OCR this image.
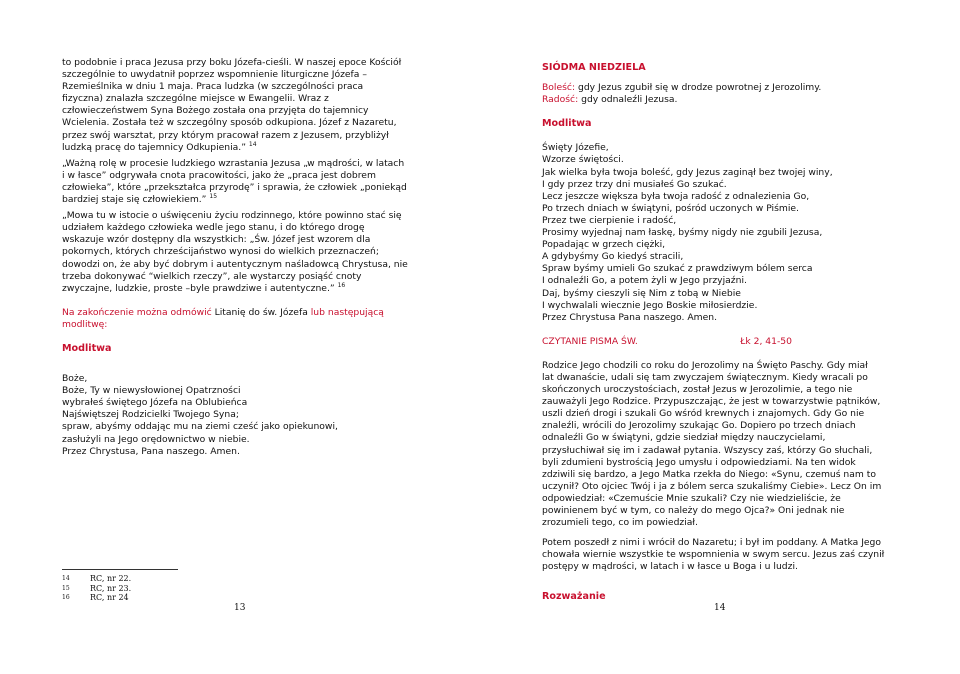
to podobnie i praca Jezusa przy boku Józefa-cieśli. W naszej epoce Kościół

szczególnie to uwydatnił poprzez wspomnienie liturgiczne Józefa –

Rzemieślnika w dniu 1 maja. Praca ludzka (w szczególności praca

fizyczna) znalazła szczególne miejsce w Ewangelii. Wraz z

człowieczeństwem Syna Bożego została ona przyjęta do tajemnicy

Wcielenia. Została też w szczególny sposób odkupiona. Józef z Nazaretu,

przez swój warsztat, przy którym pracował razem z Jezusem, przybliżył

ludzką pracę do tajemnicy Odkupienia.” $^{14}$

„Ważną rolę w procesie ludzkiego wzrastania Jezusa „w mądrości, w latach

i w łasce” odgrywała cnota pracowitości, jako że „praca jest dobrem

człowieka”, które „przekształca przyrodę” i sprawia, że człowiek „poniekąd

bardziej staje się człowiekiem.” $^{15}$

„Mowa tu w istocie o uświęceniu życiu rodzinnego, które powinno stać się

udziałem każdego człowieka wedle jego stanu, i do którego drogę

wskazuje wzór dostępny dla wszystkich: „Św. Józef jest wzorem dla

pokornych, których chrześcijaństwo wynosi do wielkich przeznaczeń;

dowodzi on, że aby być dobrym i autentycznym naśladowcą Chrystusa, nie

trzeba dokonywać “wielkich rzeczy”, ale wystarczy posiąść cnoty

zwyczajne, ludzkie, proste –byle prawdziwe i autentyczne.” $^{16}$

Na zakończenie można odmówić Litanię do św. Józefa lub następującą

modlitwę:

Modlitwa

Boże,

Boże, Ty w niewysłowionej Opatrzności

wybrałeś świętego Józefa na Oblubieńca

Najświętszej Rodzicielki Twojego Syna;

spraw, abyśmy oddając mu na ziemi cześć jako opiekunowi,

zasłużyli na Jego orędownictwo w niebie.

Przez Chrystusa, Pana naszego. Amen.

14	RC, nr 22.
15	RC, nr 23.
16	RC, nr 24
13

SIÓDMA NIEDZIELA

Boleść: gdy Jezus zgubił się w drodze powrotnej z Jerozolimy.

Radość: gdy odnaleźli Jezusa.

Modlitwa

Święty Józefie,

Wzorze świętości.

Jak wielka była twoja boleść, gdy Jezus zaginął bez twojej winy,

I gdy przez trzy dni musiałeś Go szukać.

Lecz jeszcze większa była twoja radość z odnalezienia Go,

Po trzech dniach w świątyni, pośród uczonych w Piśmie.

Przez twe cierpienie i radość,

Prosimy wyjednaj nam łaskę, byśmy nigdy nie zgubili Jezusa,

Popadając w grzech ciężki,

A gdybyśmy Go kiedyś stracili,

Spraw byśmy umieli Go szukać z prawdziwym bólem serca

I odnaleźli Go, a potem żyli w Jego przyjaźni.

Daj, byśmy cieszyli się Nim z tobą w Niebie

I wychwalali wiecznie Jego Boskie miłosierdzie.

Przez Chrystusa Pana naszego. Amen.

CZYTANIE PISMA ŚW.	Łk 2, 41-50

Rodzice Jego chodzili co roku do Jerozolimy na Święto Paschy. Gdy miał

lat dwanaście, udali się tam zwyczajem świątecznym. Kiedy wracali po

skończonych uroczystościach, został Jezus w Jerozolimie, a tego nie

zauważyli Jego Rodzice. Przypuszczając, że jest w towarzystwie pątników,

uszli dzień drogi i szukali Go wśród krewnych i znajomych. Gdy Go nie

znaleźli, wrócili do Jerozolimy szukając Go. Dopiero po trzech dniach

odnaleźli Go w świątyni, gdzie siedział między nauczycielami,

przysłuchiwał się im i zadawał pytania. Wszyscy zaś, którzy Go słuchali,

byli zdumieni bystrością Jego umysłu i odpowiedziami. Na ten widok

zdziwili się bardzo, a Jego Matka rzekła do Niego: «Synu, czemuś nam to

uczynił? Oto ojciec Twój i ja z bólem serca szukaliśmy Ciebie». Lecz On im

odpowiedział: «Czemuście Mnie szukali? Czy nie wiedzieliście, że

powinienem być w tym, co należy do mego Ojca?» Oni jednak nie

zrozumieli tego, co im powiedział.

Potem poszedł z nimi i wrócił do Nazaretu; i był im poddany. A Matka Jego

chowała wiernie wszystkie te wspomnienia w swym sercu. Jezus zaś czynił

postępy w mądrości, w latach i w łasce u Boga i u ludzi.

Rozważanie

14
